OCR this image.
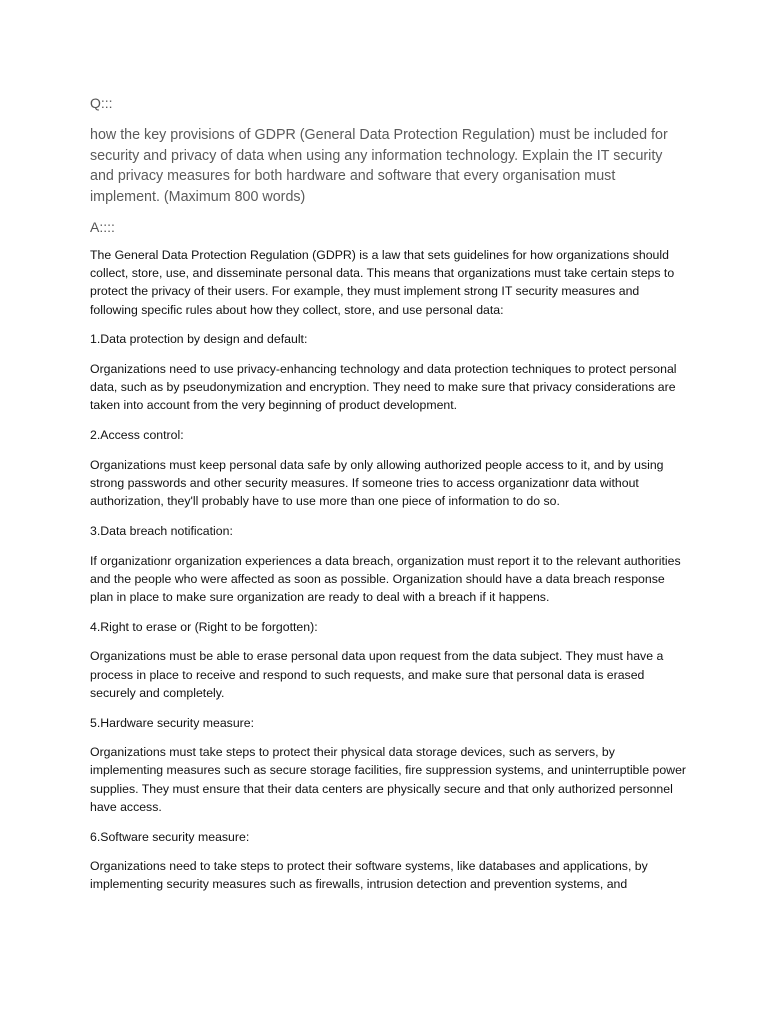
Q:::

how the key provisions of GDPR (General Data Protection Regulation) must be included for security and privacy of data when using any information technology. Explain the IT security and privacy measures for both hardware and software that every organisation must implement. (Maximum 800 words)

A::::

The General Data Protection Regulation (GDPR) is a law that sets guidelines for how organizations should collect, store, use, and disseminate personal data. This means that organizations must take certain steps to protect the privacy of their users. For example, they must implement strong IT security measures and following specific rules about how they collect, store, and use personal data:

1.Data protection by design and default:

Organizations need to use privacy-enhancing technology and data protection techniques to protect personal data, such as by pseudonymization and encryption. They need to make sure that privacy considerations are taken into account from the very beginning of product development.

2.Access control:

Organizations must keep personal data safe by only allowing authorized people access to it, and by using strong passwords and other security measures. If someone tries to access organizationr data without authorization, they'll probably have to use more than one piece of information to do so.

3.Data breach notification:

If organizationr organization experiences a data breach, organization must report it to the relevant authorities and the people who were affected as soon as possible. Organization should have a data breach response plan in place to make sure organization are ready to deal with a breach if it happens.

4.Right to erase or (Right to be forgotten):

Organizations must be able to erase personal data upon request from the data subject. They must have a process in place to receive and respond to such requests, and make sure that personal data is erased securely and completely.

5.Hardware security measure:

Organizations must take steps to protect their physical data storage devices, such as servers, by implementing measures such as secure storage facilities, fire suppression systems, and uninterruptible power supplies. They must ensure that their data centers are physically secure and that only authorized personnel have access.

6.Software security measure:

Organizations need to take steps to protect their software systems, like databases and applications, by implementing security measures such as firewalls, intrusion detection and prevention systems, and
